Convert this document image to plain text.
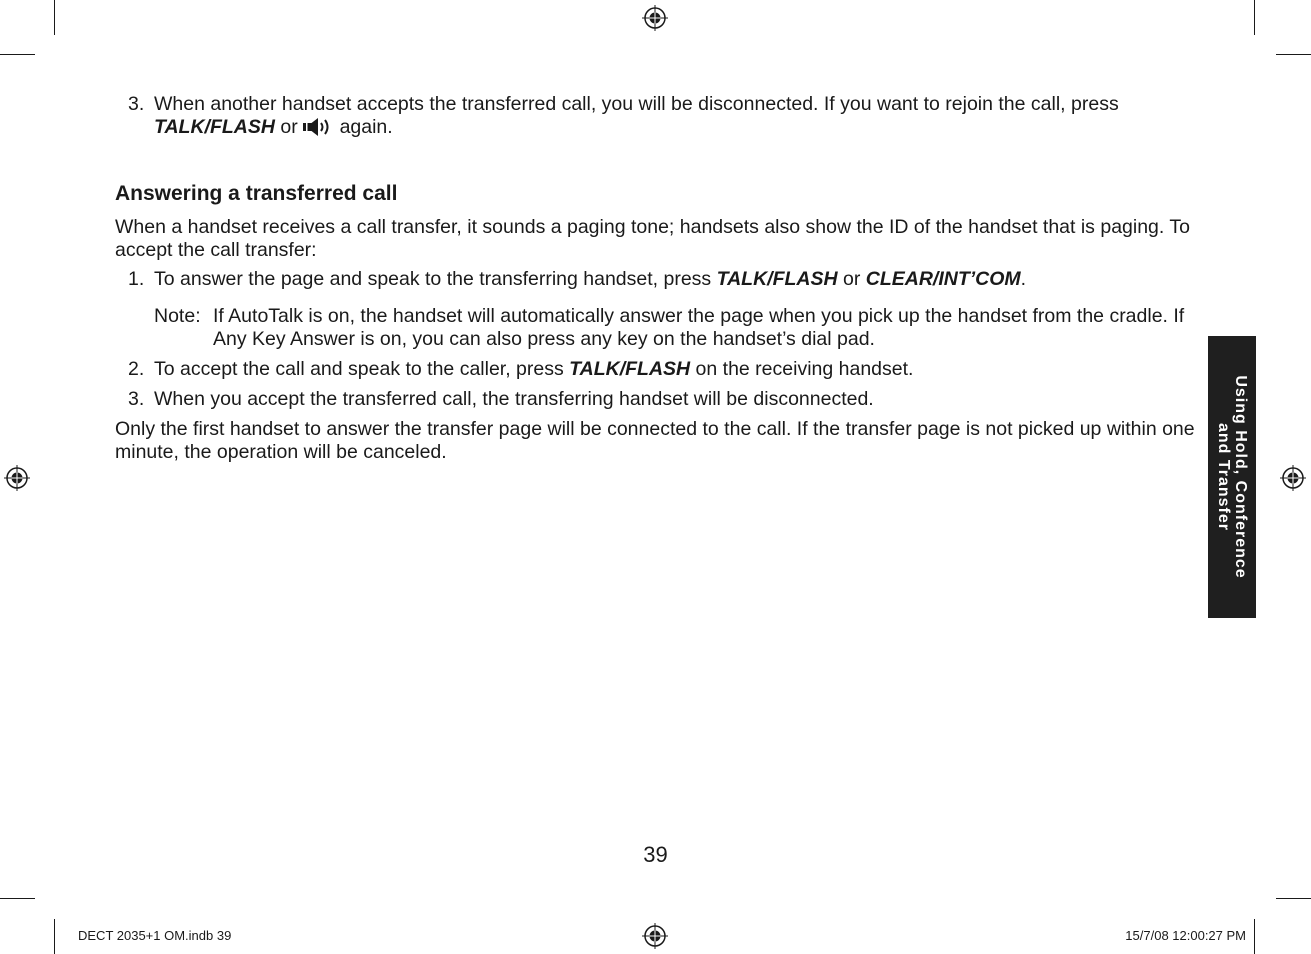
3. When another handset accepts the transferred call, you will be disconnected. If you want to rejoin the call, press
TALK/FLASH or again.
Answering a transferred call
When a handset receives a call transfer, it sounds a paging tone; handsets also show the ID of the handset that is paging. To accept the call transfer:
1. To answer the page and speak to the transferring handset, press TALK/FLASH or CLEAR/INT’COM.
Note: If AutoTalk is on, the handset will automatically answer the page when you pick up the handset from the cradle. If Any Key Answer is on, you can also press any key on the handset’s dial pad.
2. To accept the call and speak to the caller, press TALK/FLASH on the receiving handset.
3. When you accept the transferred call, the transferring handset will be disconnected.
Only the first handset to answer the transfer page will be connected to the call. If the transfer page is not picked up within one minute, the operation will be canceled.	Using Hold, Conference
and Transfer
39
DECT 2035+1 OM.indb 39	15/7/08 12:00:27 PM
